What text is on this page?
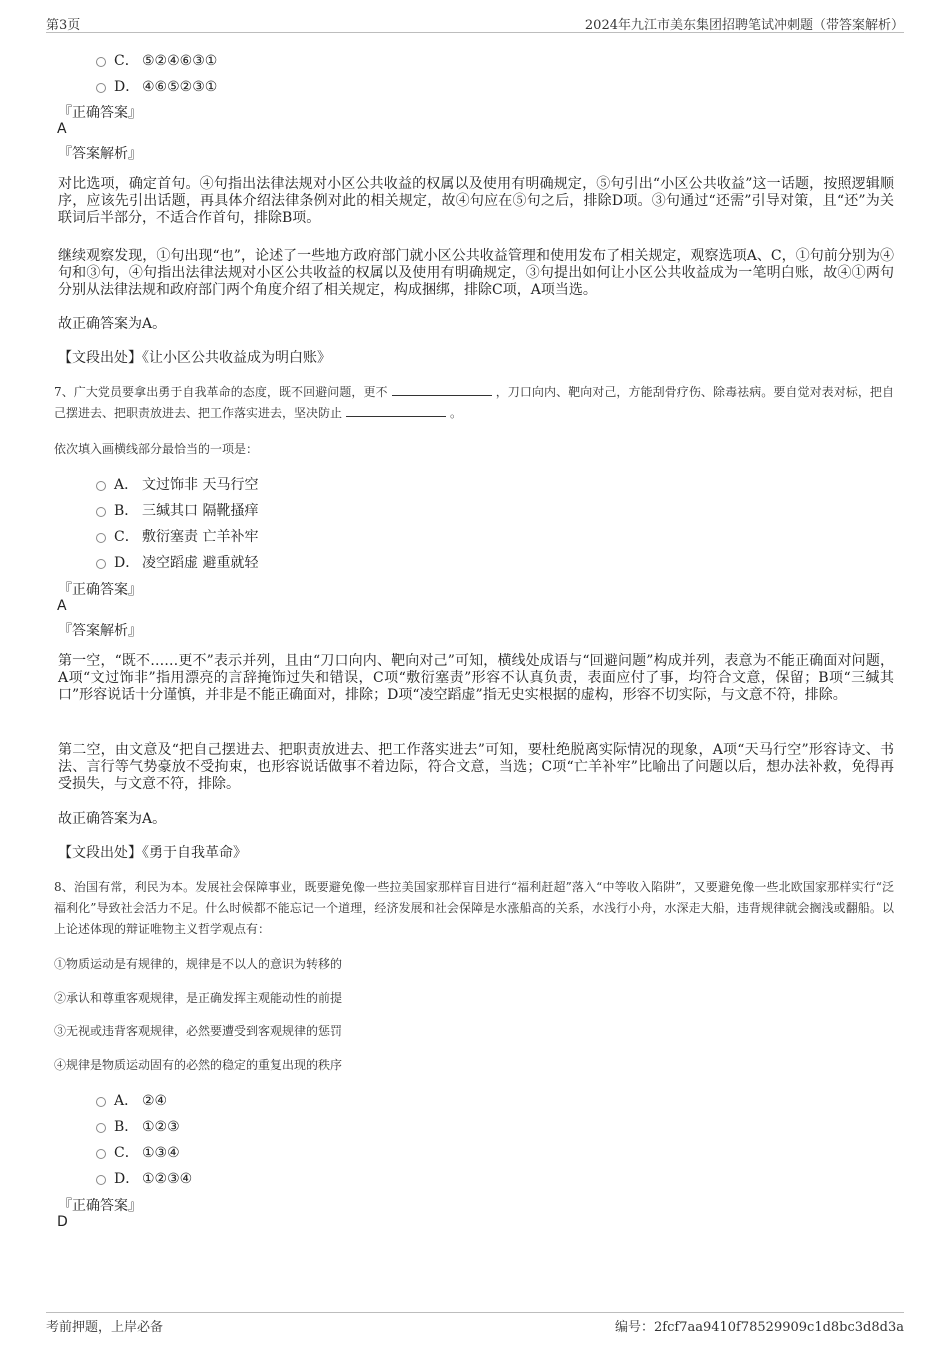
第3页	2024年九江市美东集团招聘笔试冲刺题（带答案解析）
C． ⑤②④⑥③①
D． ④⑥⑤②③①
『正确答案』
A
『答案解析』

对比选项，确定首句。④句指出法律法规对小区公共收益的权属以及使用有明确规定，⑤句引出“小区公共收益”这一话题，按照逻辑顺序，应该先引出话题，再具体介绍法律条例对此的相关规定，故④句应在⑤句之后，排除D项。③句通过“还需”引导对策，且“还”为关联词后半部分，不适合作首句，排除B项。

继续观察发现，①句出现“也”，论述了一些地方政府部门就小区公共收益管理和使用发布了相关规定，观察选项A、C，①句前分别为④句和③句，④句指出法律法规对小区公共收益的权属以及使用有明确规定，③句提出如何让小区公共收益成为一笔明白账，故④①两句分别从法律法规和政府部门两个角度介绍了相关规定，构成捆绑，排除C项，A项当选。

故正确答案为A。

【文段出处】《让小区公共收益成为明白账》

7、广大党员要拿出勇于自我革命的态度，既不回避问题，更不	，刀口向内、靶向对己，方能刮骨疗伤、除毒祛病。要自觉对表对标，把自己摆进去、把职责放进去、把工作落实进去，坚决防止	。

依次填入画横线部分最恰当的一项是：
A． 文过饰非 天马行空
B． 三缄其口 隔靴搔痒
C． 敷衍塞责 亡羊补牢
D． 凌空蹈虚 避重就轻
『正确答案』
A
『答案解析』

第一空，“既不……更不”表示并列，且由“刀口向内、靶向对己”可知，横线处成语与“回避问题”构成并列，表意为不能正确面对问题，A项“文过饰非”指用漂亮的言辞掩饰过失和错误，C项“敷衍塞责”形容不认真负责，表面应付了事，均符合文意，保留；B项“三缄其口”形容说话十分谨慎，并非是不能正确面对，排除；D项“凌空蹈虚”指无史实根据的虚构，形容不切实际，与文意不符，排除。

第二空，由文意及“把自己摆进去、把职责放进去、把工作落实进去”可知，要杜绝脱离实际情况的现象，A项“天马行空”形容诗文、书法、言行等气势豪放不受拘束，也形容说话做事不着边际，符合文意，当选；C项“亡羊补牢”比喻出了问题以后，想办法补救，免得再受损失，与文意不符，排除。

故正确答案为A。

【文段出处】《勇于自我革命》

8、治国有常，利民为本。发展社会保障事业，既要避免像一些拉美国家那样盲目进行“福利赶超”落入“中等收入陷阱”，又要避免像一些北欧国家那样实行“泛福利化”导致社会活力不足。什么时候都不能忘记一个道理，经济发展和社会保障是水涨船高的关系，水浅行小舟，水深走大船，违背规律就会搁浅或翻船。以上论述体现的辩证唯物主义哲学观点有：

①物质运动是有规律的，规律是不以人的意识为转移的
②承认和尊重客观规律，是正确发挥主观能动性的前提
③无视或违背客观规律，必然要遭受到客观规律的惩罚
④规律是物质运动固有的必然的稳定的重复出现的秩序
A． ②④
B． ①②③
C． ①③④
D． ①②③④
『正确答案』
D
考前押题，上岸必备	编号：2fcf7aa9410f78529909c1d8bc3d8d3a
